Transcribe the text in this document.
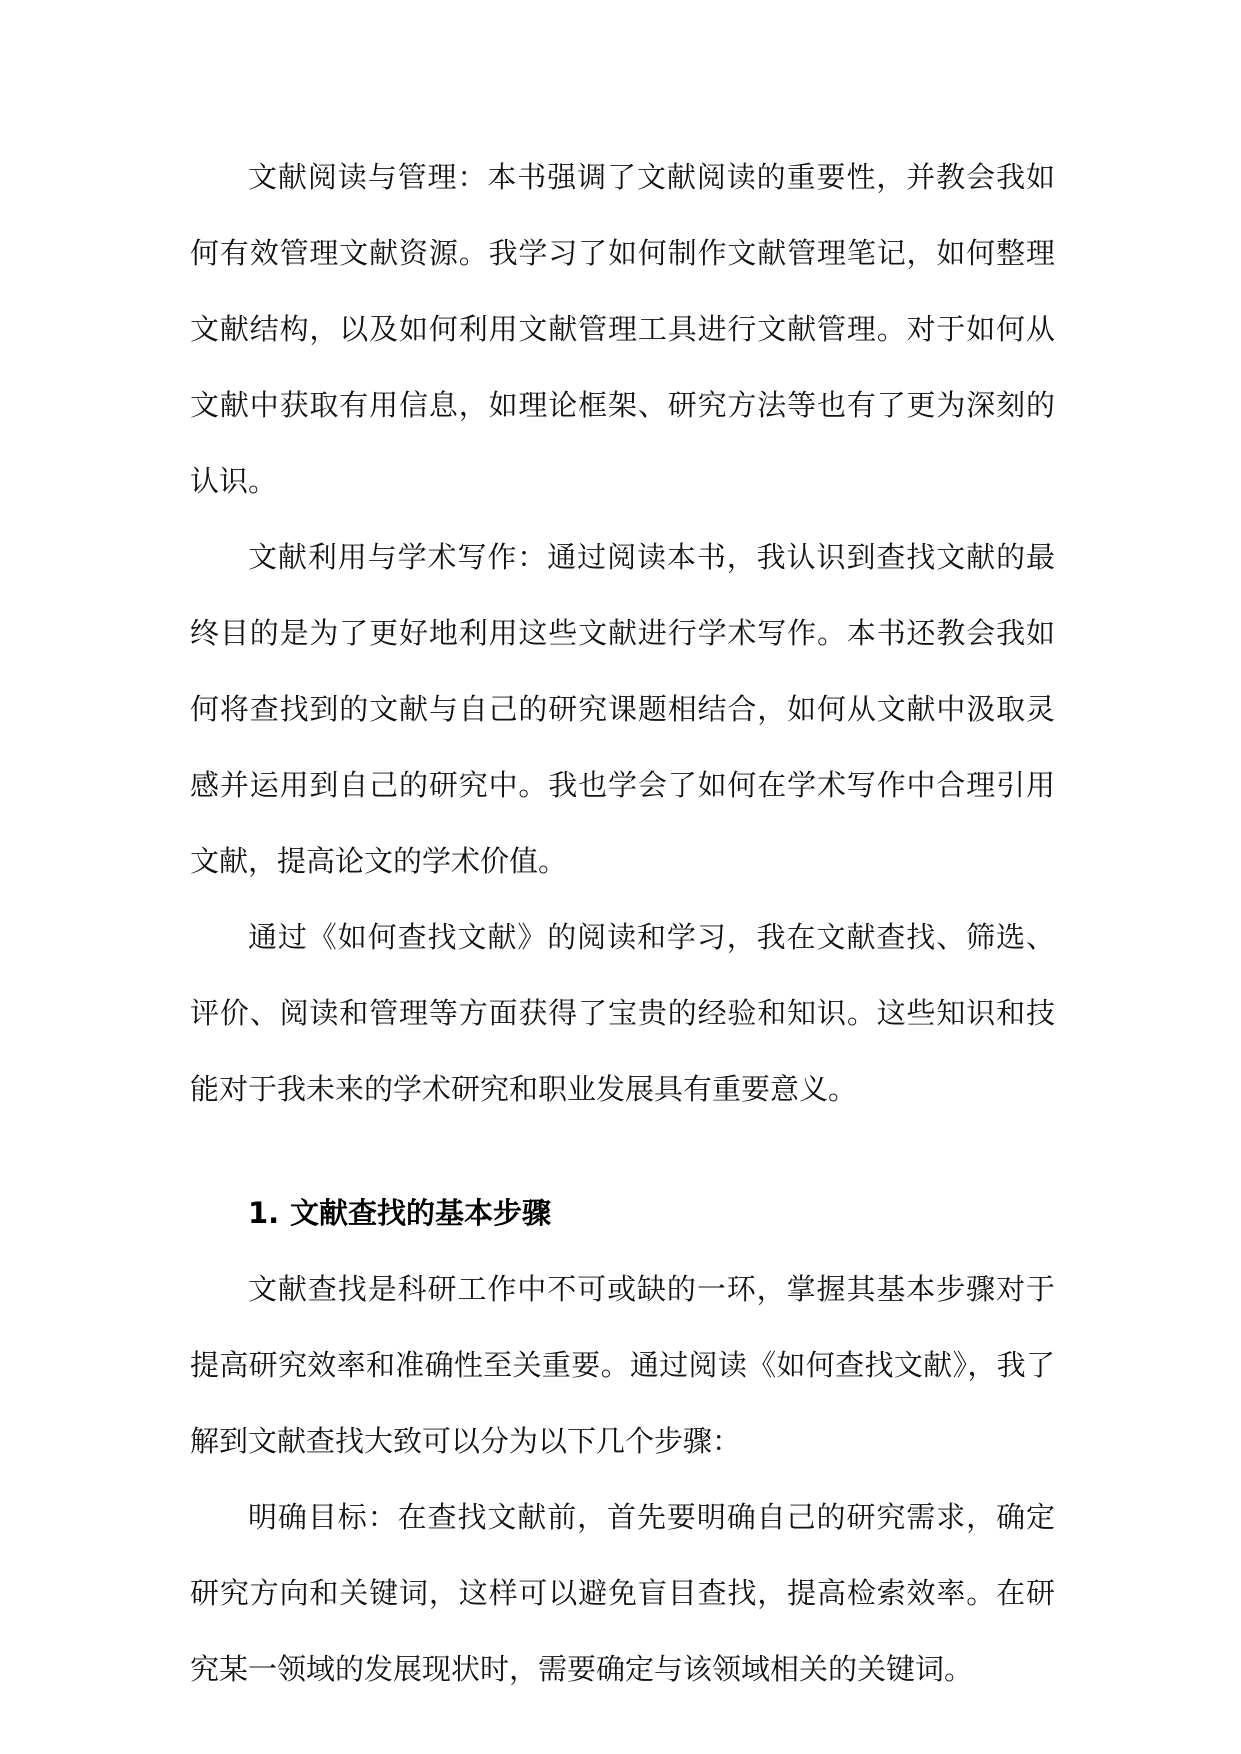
文献阅读与管理：本书强调了文献阅读的重要性，并教会我如何有效管理文献资源。我学习了如何制作文献管理笔记，如何整理文献结构，以及如何利用文献管理工具进行文献管理。对于如何从文献中获取有用信息，如理论框架、研究方法等也有了更为深刻的认识。

文献利用与学术写作：通过阅读本书，我认识到查找文献的最终目的是为了更好地利用这些文献进行学术写作。本书还教会我如何将查找到的文献与自己的研究课题相结合，如何从文献中汲取灵感并运用到自己的研究中。我也学会了如何在学术写作中合理引用文献，提高论文的学术价值。

通过《如何查找文献》的阅读和学习，我在文献查找、筛选、评价、阅读和管理等方面获得了宝贵的经验和知识。这些知识和技能对于我未来的学术研究和职业发展具有重要意义。

1. 文献查找的基本步骤

文献查找是科研工作中不可或缺的一环，掌握其基本步骤对于提高研究效率和准确性至关重要。通过阅读《如何查找文献》，我了解到文献查找大致可以分为以下几个步骤：

明确目标：在查找文献前，首先要明确自己的研究需求，确定研究方向和关键词，这样可以避免盲目查找，提高检索效率。在研究某一领域的发展现状时，需要确定与该领域相关的关键词。
